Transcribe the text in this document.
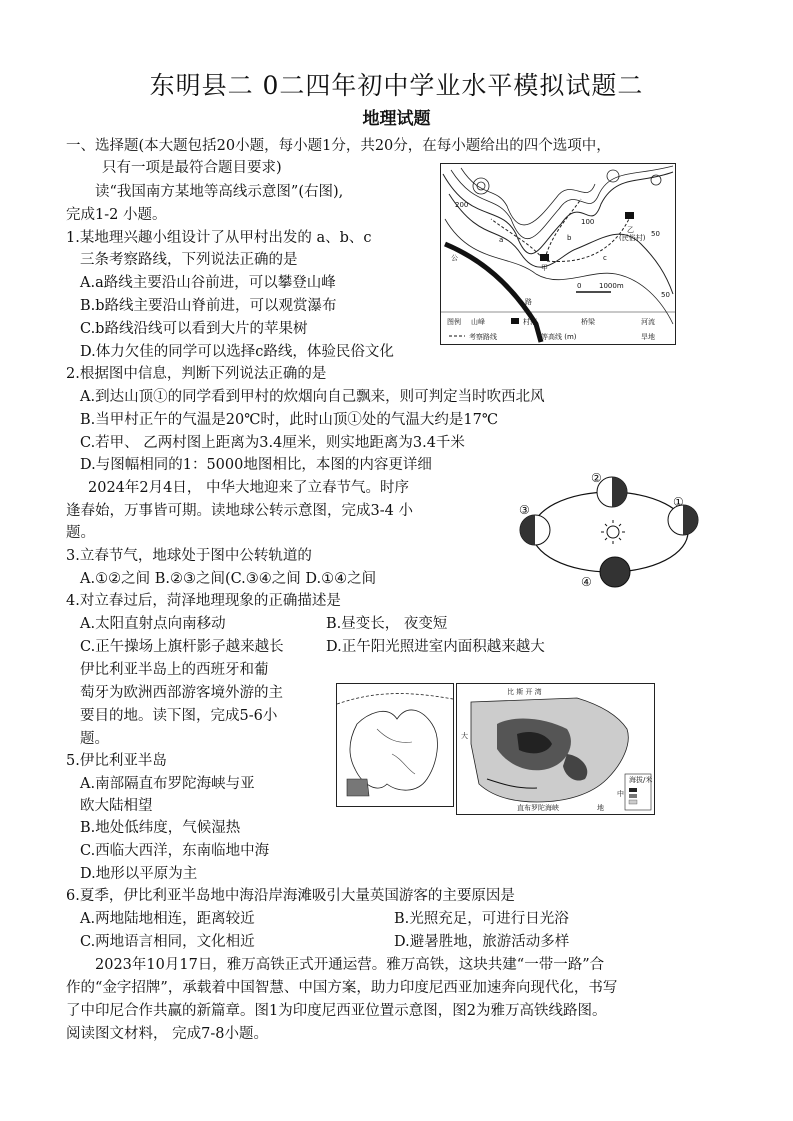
东明县二 0二四年初中学业水平模拟试题二
地理试题
一、选择题(本大题包括20小题，每小题1分，共20分，在每小题给出的四个选项中，
只有一项是最符合题目要求)
读“我国南方某地等高线示意图”(右图),
完成1-2 小题。
1.某地理兴趣小组设计了从甲村出发的 a、b、c
三条考察路线，下列说法正确的是
A.a路线主要沿山谷前进，可以攀登山峰
B.b路线主要沿山脊前进，可以观赏瀑布
C.b路线沿线可以看到大片的苹果树
D.体力欠佳的同学可以选择c路线，体验民俗文化
2.根据图中信息，判断下列说法正确的是
A.到达山顶①的同学看到甲村的炊烟向自己飘来，则可判定当时吹西北风
B.当甲村正午的气温是20℃时，此时山顶①处的气温大约是17℃
C.若甲、 乙两村图上距离为3.4厘米，则实地距离为3.4千米
D.与图幅相同的1：5000地图相比，本图的内容更详细
2024年2月4日， 中华大地迎来了立春节气。时序
逢春始，万事皆可期。读地球公转示意图，完成3-4 小
题。
3.立春节气，地球处于图中公转轨道的
A.①②之间 B.②③之间(C.③④之间 D.①④之间
4.对立春过后，菏泽地理现象的正确描述是
A.太阳直射点向南移动	B.昼变长， 夜变短
C.正午操场上旗杆影子越来越长	D.正午阳光照进室内面积越来越大
伊比利亚半岛上的西班牙和葡
萄牙为欧洲西部游客境外游的主
要目的地。读下图，完成5-6小
题。
5.伊比利亚半岛
A.南部隔直布罗陀海峡与亚
欧大陆相望
B.地处低纬度，气候湿热
C.西临大西洋，东南临地中海
D.地形以平原为主
6.夏季，伊比利亚半岛地中海沿岸海滩吸引大量英国游客的主要原因是
A.两地陆地相连，距离较近	B.光照充足，可进行日光浴
C.两地语言相同，文化相近	D.避暑胜地，旅游活动多样
2023年10月17日，雅万高铁正式开通运营。雅万高铁，这块共建“一带一路”合
作的“金字招牌”，承载着中国智慧、中国方案，助力印度尼西亚加速奔向现代化，书写
了中印尼合作共赢的新篇章。图1为印度尼西亚位置示意图，图2为雅万高铁线路图。
阅读图文材料， 完成7-8小题。
0	1000m
200
100
50
50
甲
乙
(民俗村)
公
路
a	b
c
图例 山峰	村落	桥梁	河流
考察路线	等高线 (m)	旱地
②
①
③
④
海拔/米
比 斯 开 湾
大
直布罗陀海峡	地
中
